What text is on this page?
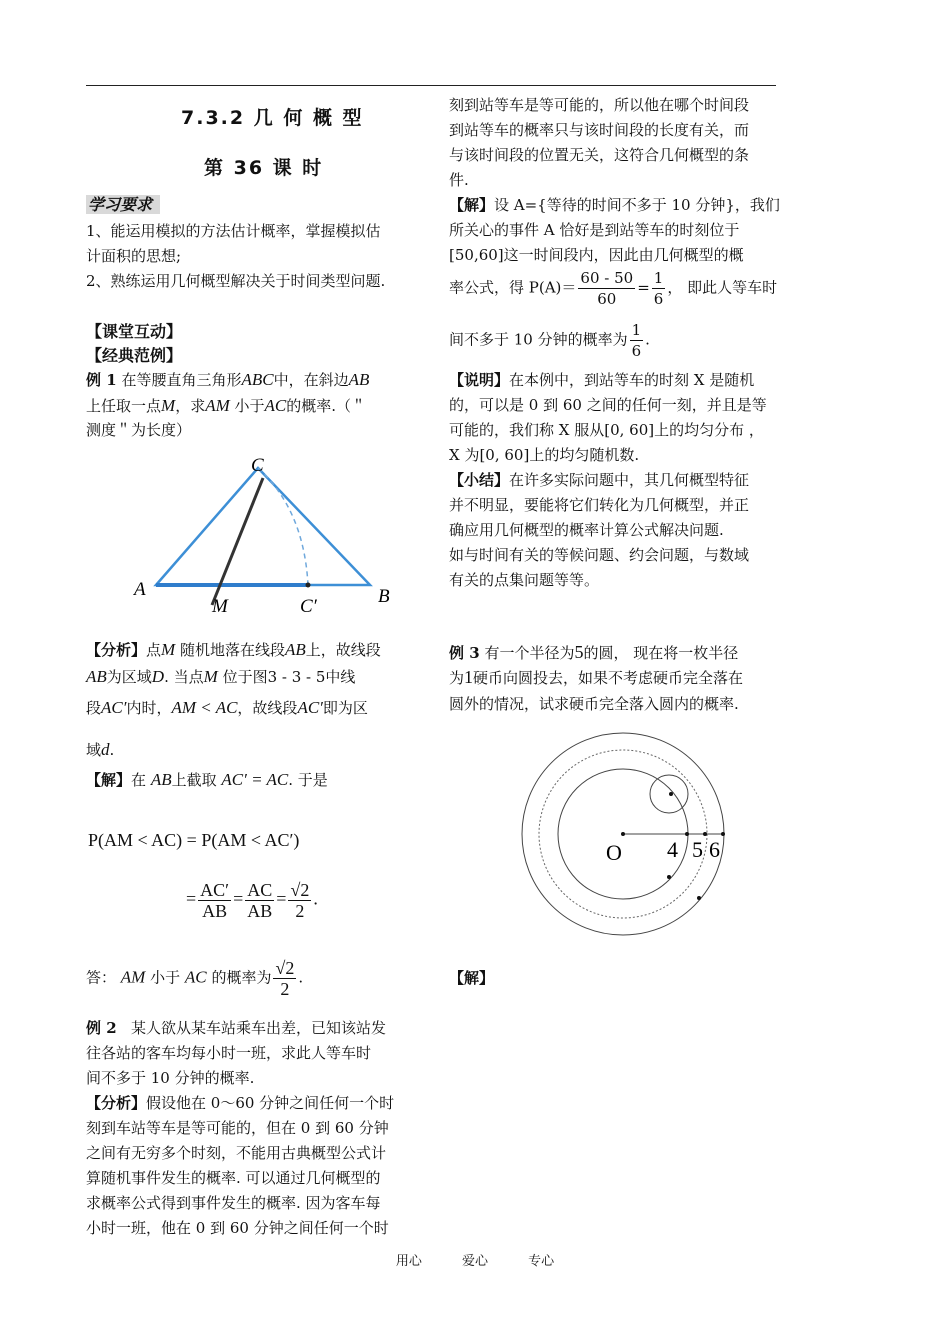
7.3.2 几 何 概 型
第 36 课 时
学习要求
1、能运用模拟的方法估计概率，掌握模拟估
计面积的思想;
2、熟练运用几何概型解决关于时间类型问题.
【课堂互动】
【经典范例】
例 1 在等腰直角三角形ABC中，在斜边AB
上任取一点M，求AM 小于AC的概率.（＂
测度＂为长度）
C
A
M	C′	B
【分析】点M 随机地落在线段AB上，故线段
AB为区域D. 当点M 位于图3 - 3 - 5中线
段AC′内时，AM < AC，故线段AC′即为区
域d.
【解】在 AB上截取 AC′ = AC. 于是
P(AM < AC) = P(AM < AC′)
= $\frac{AC'}{AB} = \frac{AC}{AB} = \frac{√2}{2}$ .
答： AM 小于 AC 的概率为 $\frac{√2}{2}$ .
例 2 某人欲从某车站乘车出差，已知该站发
往各站的客车均每小时一班，求此人等车时
间不多于 10 分钟的概率.
【分析】假设他在 0～60 分钟之间任何一个时
刻到车站等车是等可能的，但在 0 到 60 分钟
之间有无穷多个时刻，不能用古典概型公式计
算随机事件发生的概率. 可以通过几何概型的
求概率公式得到事件发生的概率. 因为客车每
小时一班，他在 0 到 60 分钟之间任何一个时
刻到站等车是等可能的，所以他在哪个时间段
到站等车的概率只与该时间段的长度有关，而
与该时间段的位置无关，这符合几何概型的条
件.
【解】设 A={等待的时间不多于 10 分钟}，我们
所关心的事件 A 恰好是到站等车的时刻位于
[50,60]这一时间段内，因此由几何概型的概
率公式，得 $P(A)= \frac{60 - 50}{60} = \frac{1}{6}$ ， 即此人等车时
间不多于 10 分钟的概率为 $\frac{1}{6}$ .
【说明】在本例中，到站等车的时刻 X 是随机
的，可以是 0 到 60 之间的任何一刻，并且是等
可能的，我们称 X 服从[0, 60]上的均匀分布 ，
X 为[0, 60]上的均匀随机数.
【小结】在许多实际问题中，其几何概型特征
并不明显，要能将它们转化为几何概型，并正
确应用几何概型的概率计算公式解决问题.
如与时间有关的等候问题、约会问题，与数域
有关的点集问题等等。
例 3 有一个半径为5的圆， 现在将一枚半径
为1硬币向圆投去，如果不考虑硬币完全落在
圆外的情况，试求硬币完全落入圆内的概率.
O 4 5 6
【解】
用心	爱心	专心
